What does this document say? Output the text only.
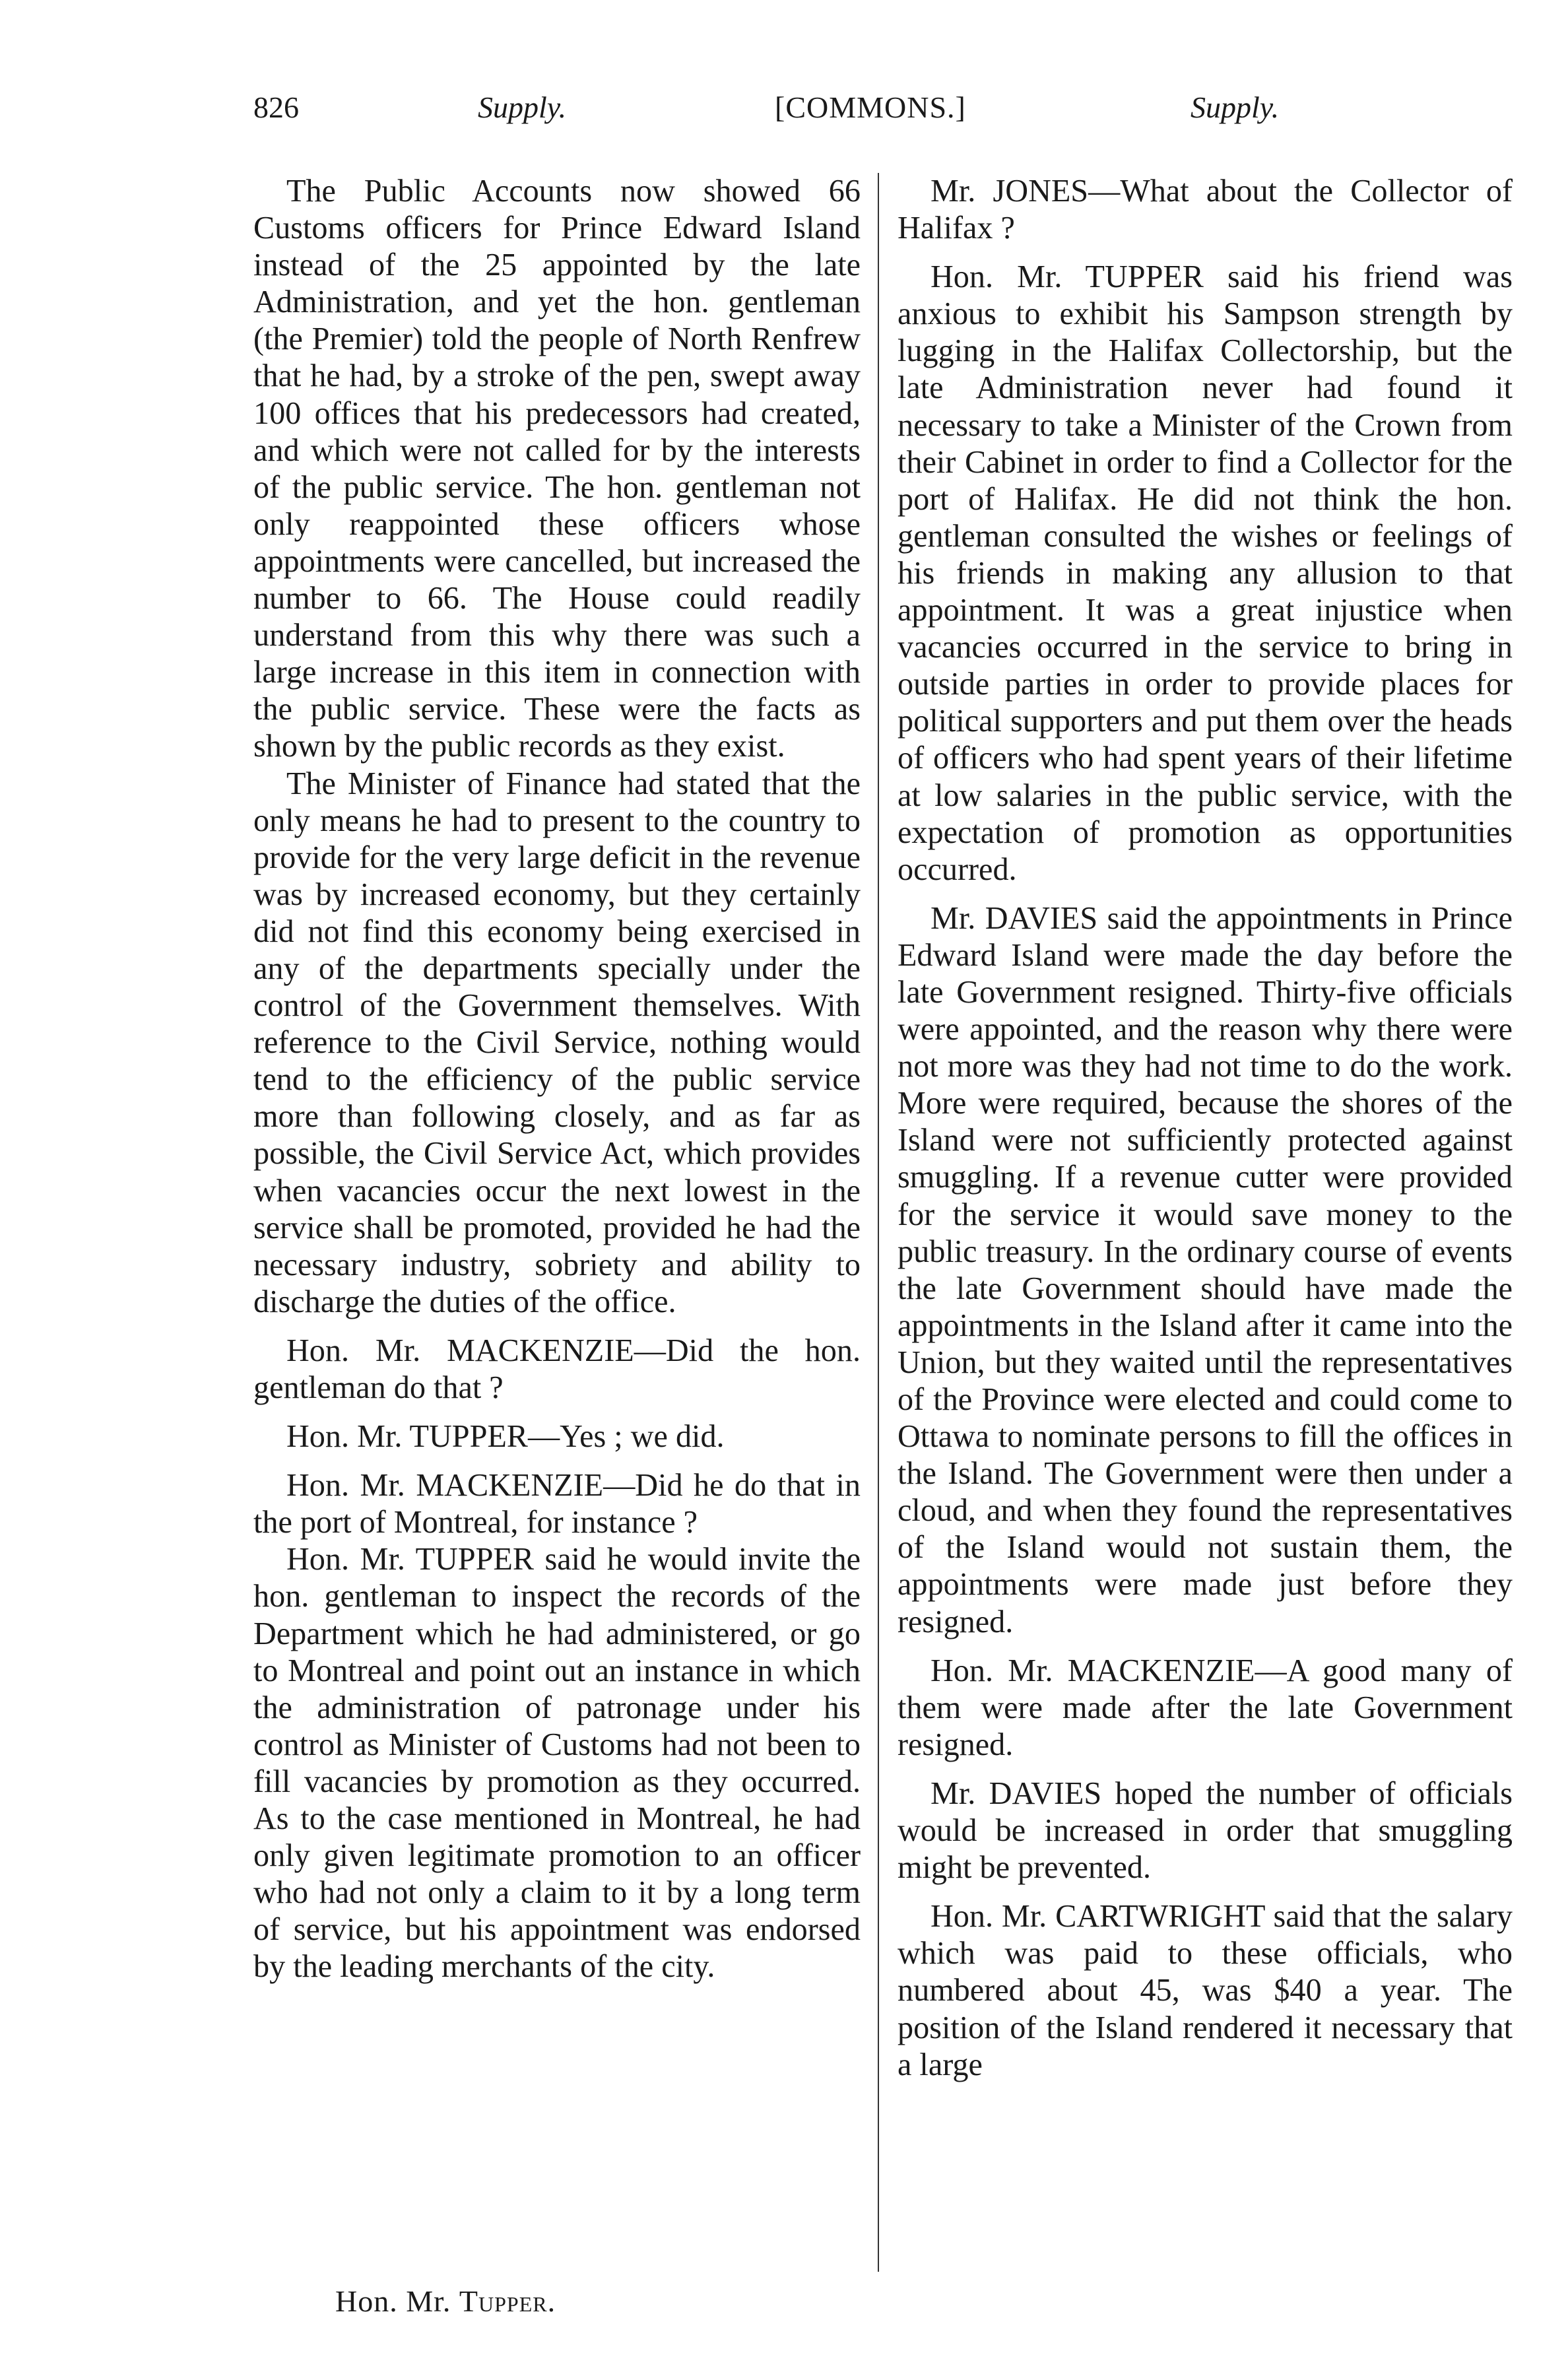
826	Supply.	[COMMONS.]	Supply.

The Public Accounts now showed 66 Customs officers for Prince Edward Island instead of the 25 appointed by the late Administration, and yet the hon. gentleman (the Premier) told the people of North Renfrew that he had, by a stroke of the pen, swept away 100 offices that his predecessors had created, and which were not called for by the interests of the public service. The hon. gentleman not only reappointed these officers whose appointments were cancelled, but increased the number to 66. The House could readily understand from this why there was such a large increase in this item in connection with the public service. These were the facts as shown by the public records as they exist.

The Minister of Finance had stated that the only means he had to present to the country to provide for the very large deficit in the revenue was by increased economy, but they certainly did not find this economy being exercised in any of the departments specially under the control of the Government themselves. With reference to the Civil Service, nothing would tend to the efficiency of the public service more than following closely, and as far as possible, the Civil Service Act, which provides when vacancies occur the next lowest in the service shall be promoted, provided he had the necessary industry, sobriety and ability to discharge the duties of the office.

Hon. Mr. MACKENZIE—Did the hon. gentleman do that ?

Hon. Mr. TUPPER—Yes ; we did.

Hon. Mr. MACKENZIE—Did he do that in the port of Montreal, for instance ?

Hon. Mr. TUPPER said he would invite the hon. gentleman to inspect the records of the Department which he had administered, or go to Montreal and point out an instance in which the administration of patronage under his control as Minister of Customs had not been to fill vacancies by promotion as they occurred. As to the case mentioned in Montreal, he had only given legitimate promotion to an officer who had not only a claim to it by a long term of service, but his appointment was endorsed by the leading merchants of the city.

Mr. JONES—What about the Collector of Halifax ?

Hon. Mr. TUPPER said his friend was anxious to exhibit his Sampson strength by lugging in the Halifax Collectorship, but the late Administration never had found it necessary to take a Minister of the Crown from their Cabinet in order to find a Collector for the port of Halifax. He did not think the hon. gentleman consulted the wishes or feelings of his friends in making any allusion to that appointment. It was a great injustice when vacancies occurred in the service to bring in outside parties in order to provide places for political supporters and put them over the heads of officers who had spent years of their lifetime at low salaries in the public service, with the expectation of promotion as opportunities occurred.

Mr. DAVIES said the appointments in Prince Edward Island were made the day before the late Government resigned. Thirty-five officials were appointed, and the reason why there were not more was they had not time to do the work. More were required, because the shores of the Island were not sufficiently protected against smuggling. If a revenue cutter were provided for the service it would save money to the public treasury. In the ordinary course of events the late Government should have made the appointments in the Island after it came into the Union, but they waited until the representatives of the Province were elected and could come to Ottawa to nominate persons to fill the offices in the Island. The Government were then under a cloud, and when they found the representatives of the Island would not sustain them, the appointments were made just before they resigned.

Hon. Mr. MACKENZIE—A good many of them were made after the late Government resigned.

Mr. DAVIES hoped the number of officials would be increased in order that smuggling might be prevented.

Hon. Mr. CARTWRIGHT said that the salary which was paid to these officials, who numbered about 45, was $40 a year. The position of the Island rendered it necessary that a large

Hon. Mr. Tupper.
